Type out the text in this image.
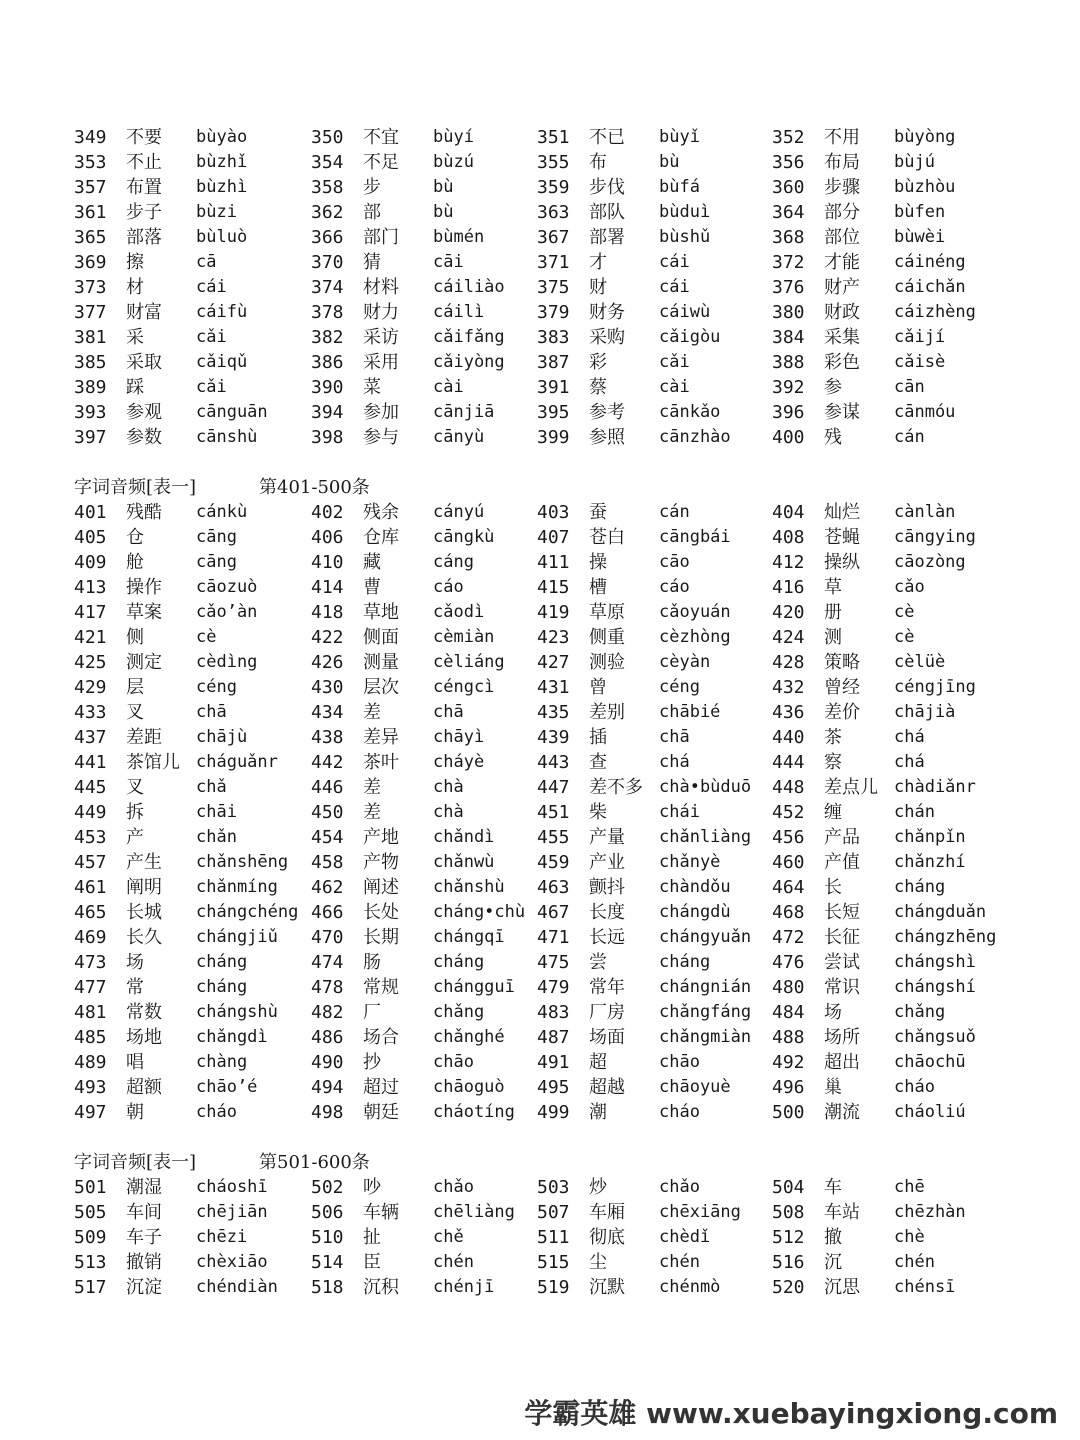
349	不要 bùyào	350	不宜 bùyí	351	不已 bùyǐ	352	不用 bùyòng
353	不止 bùzhǐ	354	不足 bùzú	355	布	bù	356	布局 bùjú
357	布置 bùzhì	358	步	bù	359	步伐 bùfá	360	步骤 bùzhòu
361	步子 bùzi	362	部	bù	363	部队 bùduì	364	部分 bùfen
365	部落 bùluò	366	部门 bùmén	367	部署 bùshǔ	368	部位 bùwèi
369	擦	cā	370	猜	cāi	371	才	cái	372	才能 cáinéng
373	材	cái	374	材料 cáiliào 375	财	cái	376	财产 cáichǎn
377	财富 cáifù	378	财力 cáilì	379	财务 cáiwù	380	财政 cáizhèng
381	采	cǎi	382	采访 cǎifǎng 383	采购 cǎigòu	384	采集 cǎijí
385	采取 cǎiqǔ	386	采用 cǎiyòng 387	彩	cǎi	388	彩色 cǎisè
389	踩	cǎi	390	菜	cài	391	蔡	cài	392	参	cān
393	参观 cānguān 394	参加 cānjiā 395	参考 cānkǎo	396	参谋 cānmóu
397	参数 cānshù	398	参与 cānyù	399	参照 cānzhào 400	残	cán
字词音频[表一]	第401-500条
401	残酷 cánkù	402	残余 cányú	403	蚕	cán	404	灿烂 cànlàn
405	仓	cāng	406	仓库 cāngkù 407	苍白 cāngbái 408	苍蝇 cāngying
409	舱	cāng	410	藏	cáng	411	操	cāo	412	操纵 cāozòng
413	操作 cāozuò	414	曹	cáo	415	槽	cáo	416	草	cǎo
417	草案 cǎo’àn	418	草地 cǎodì	419	草原 cǎoyuán 420	册	cè
421	侧	cè	422	侧面 cèmiàn 423	侧重 cèzhòng 424	测	cè
425	测定 cèdìng	426	测量 cèliáng 427	测验 cèyàn	428	策略 cèlüè
429	层	céng	430	层次 céngcì 431	曾	céng	432	曾经 céngjīng
433	叉	chā	434	差	chā	435	差别 chābié	436	差价 chājià
437	差距 chājù	438	差异 chāyì	439	插	chā	440	茶	chá
441	茶馆儿 cháguǎnr 442	茶叶 cháyè	443	查	chá	444	察	chá
445	叉	chǎ	446	差	chà	447	差不多 chà•bùduō 448	差点儿 chàdiǎnr
449	拆	chāi	450	差	chà	451	柴	chái	452	缠	chán
453	产	chǎn	454	产地 chǎndì 455	产量 chǎnliàng 456	产品 chǎnpǐn
457	产生 chǎnshēng 458	产物 chǎnwù 459	产业 chǎnyè	460	产值 chǎnzhí
461	阐明 chǎnmíng 462	阐述 chǎnshù 463	颤抖 chàndǒu 464	长	cháng
465	长城 chángchéng 466	长处 cháng•chù 467	长度 chángdù 468	长短 chángduǎn
469	长久 chángjiǔ 470	长期 chángqī 471	长远 chángyuǎn 472	长征 chángzhēng
473	场	cháng	474	肠	cháng	475	尝	cháng	476	尝试 chángshì
477	常	cháng	478	常规 chángguī 479	常年 chángnián 480	常识 chángshí
481	常数 chángshù 482	厂	chǎng	483	厂房 chǎngfáng 484	场	chǎng
485	场地 chǎngdì 486	场合 chǎnghé 487	场面 chǎngmiàn 488	场所 chǎngsuǒ
489	唱	chàng	490	抄	chāo	491	超	chāo	492	超出 chāochū
493	超额 chāo’é	494	超过 chāoguò 495	超越 chāoyuè 496	巢	cháo
497	朝	cháo	498	朝廷 cháotíng 499	潮	cháo	500	潮流 cháoliú
字词音频[表一]	第501-600条
501	潮湿 cháoshī 502	吵	chǎo	503	炒	chǎo	504	车	chē
505	车间 chējiān 506	车辆 chēliàng 507	车厢 chēxiāng 508	车站 chēzhàn
509	车子 chēzi	510	扯	chě	511	彻底 chèdǐ	512	撤	chè
513	撤销 chèxiāo 514	臣	chén	515	尘	chén	516	沉	chén
517	沉淀 chéndiàn 518	沉积 chénjī 519	沉默 chénmò	520	沉思 chénsī
学霸英雄 www.xuebayingxiong.com
